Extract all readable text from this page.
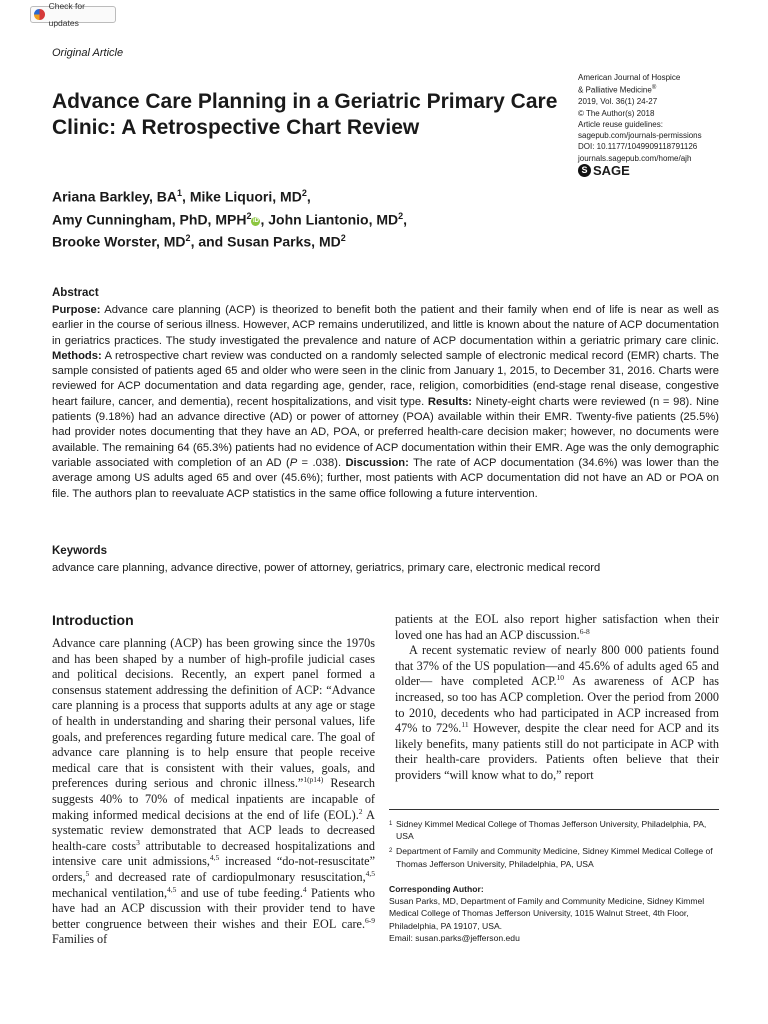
Check for updates
Original Article
Advance Care Planning in a Geriatric Primary Care Clinic: A Retrospective Chart Review
American Journal of Hospice
& Palliative Medicine®
2019, Vol. 36(1) 24-27
© The Author(s) 2018
Article reuse guidelines:
sagepub.com/journals-permissions
DOI: 10.1177/1049909118791126
journals.sagepub.com/home/ajh
S SAGE
Ariana Barkley, $BA^1$, Mike Liquori, $MD^2$,
Amy Cunningham, PhD, MPH$^2$iD , John Liantonio, $MD^2$,
Brooke Worster, $MD^2$, and Susan Parks, $MD^2$
Abstract
Purpose: Advance care planning (ACP) is theorized to benefit both the patient and their family when end of life is near as well as earlier in the course of serious illness. However, ACP remains underutilized, and little is known about the nature of ACP documentation in geriatrics practices. The study investigated the prevalence and nature of ACP documentation within a geriatric primary care clinic. Methods: A retrospective chart review was conducted on a randomly selected sample of electronic medical record (EMR) charts. The sample consisted of patients aged 65 and older who were seen in the clinic from January 1, 2015, to December 31, 2016. Charts were reviewed for ACP documentation and data regarding age, gender, race, religion, comorbidities (end-stage renal disease, congestive heart failure, cancer, and dementia), recent hospitalizations, and visit type. Results: Ninety-eight charts were reviewed (n = 98). Nine patients (9.18%) had an advance directive (AD) or power of attorney (POA) available within their EMR. Twenty-five patients (25.5%) had provider notes documenting that they have an AD, POA, or preferred health-care decision maker; however, no documents were available. The remaining 64 (65.3%) patients had no evidence of ACP documentation within their EMR. Age was the only demographic variable associated with completion of an AD (P = .038). Discussion: The rate of ACP documentation (34.6%) was lower than the average among US adults aged 65 and over (45.6%); further, most patients with ACP documentation did not have an AD or POA on file. The authors plan to reevaluate ACP statistics in the same office following a future intervention.
Keywords
advance care planning, advance directive, power of attorney, geriatrics, primary care, electronic medical record
Introduction

Advance care planning (ACP) has been growing since the 1970s and has been shaped by a number of high-profile judicial cases and political decisions. Recently, an expert panel formed a consensus statement addressing the definition of ACP: “Advance care planning is a process that supports adults at any age or stage of health in understanding and sharing their personal values, life goals, and preferences regarding future medical care. The goal of advance care planning is to help ensure that people receive medical care that is consistent with their values, goals, and preferences during serious and chronic illness.”$^{1(p14)}$ Research suggests 40% to 70% of medical inpatients are incapable of making informed medical decisions at the end of life (EOL).$^2$ A systematic review demonstrated that ACP leads to decreased health-care costs$^3$ attributable to decreased hospitalizations and intensive care unit admissions,$^{4,5}$ increased “do-not-resuscitate” orders,$^5$ and decreased rate of cardiopulmonary resuscitation,$^{4,5}$ mechanical ventilation,$^{4,5}$ and use of tube feeding.$^4$ Patients who have had an ACP discussion with their provider tend to have better congruence between their wishes and their EOL care.$^{6-9}$ Families of

patients at the EOL also report higher satisfaction when their loved one has had an ACP discussion.$^{6-8}$

A recent systematic review of nearly 800 000 patients found that 37% of the US population—and 45.6% of adults aged 65 and older— have completed ACP.$^{10}$ As awareness of ACP has increased, so too has ACP completion. Over the period from 2000 to 2010, decedents who had participated in ACP increased from 47% to 72%.$^{11}$ However, despite the clear need for ACP and its likely benefits, many patients still do not participate in ACP with their health-care providers. Patients often believe that their providers “will know what to do,” report

1 Sidney Kimmel Medical College of Thomas Jefferson University, Philadelphia, PA, USA
2 Department of Family and Community Medicine, Sidney Kimmel Medical College of Thomas Jefferson University, Philadelphia, PA, USA
Corresponding Author:
Susan Parks, MD, Department of Family and Community Medicine, Sidney Kimmel Medical College of Thomas Jefferson University, 1015 Walnut Street, 4th Floor, Philadelphia, PA 19107, USA.
Email: susan.parks@jefferson.edu
